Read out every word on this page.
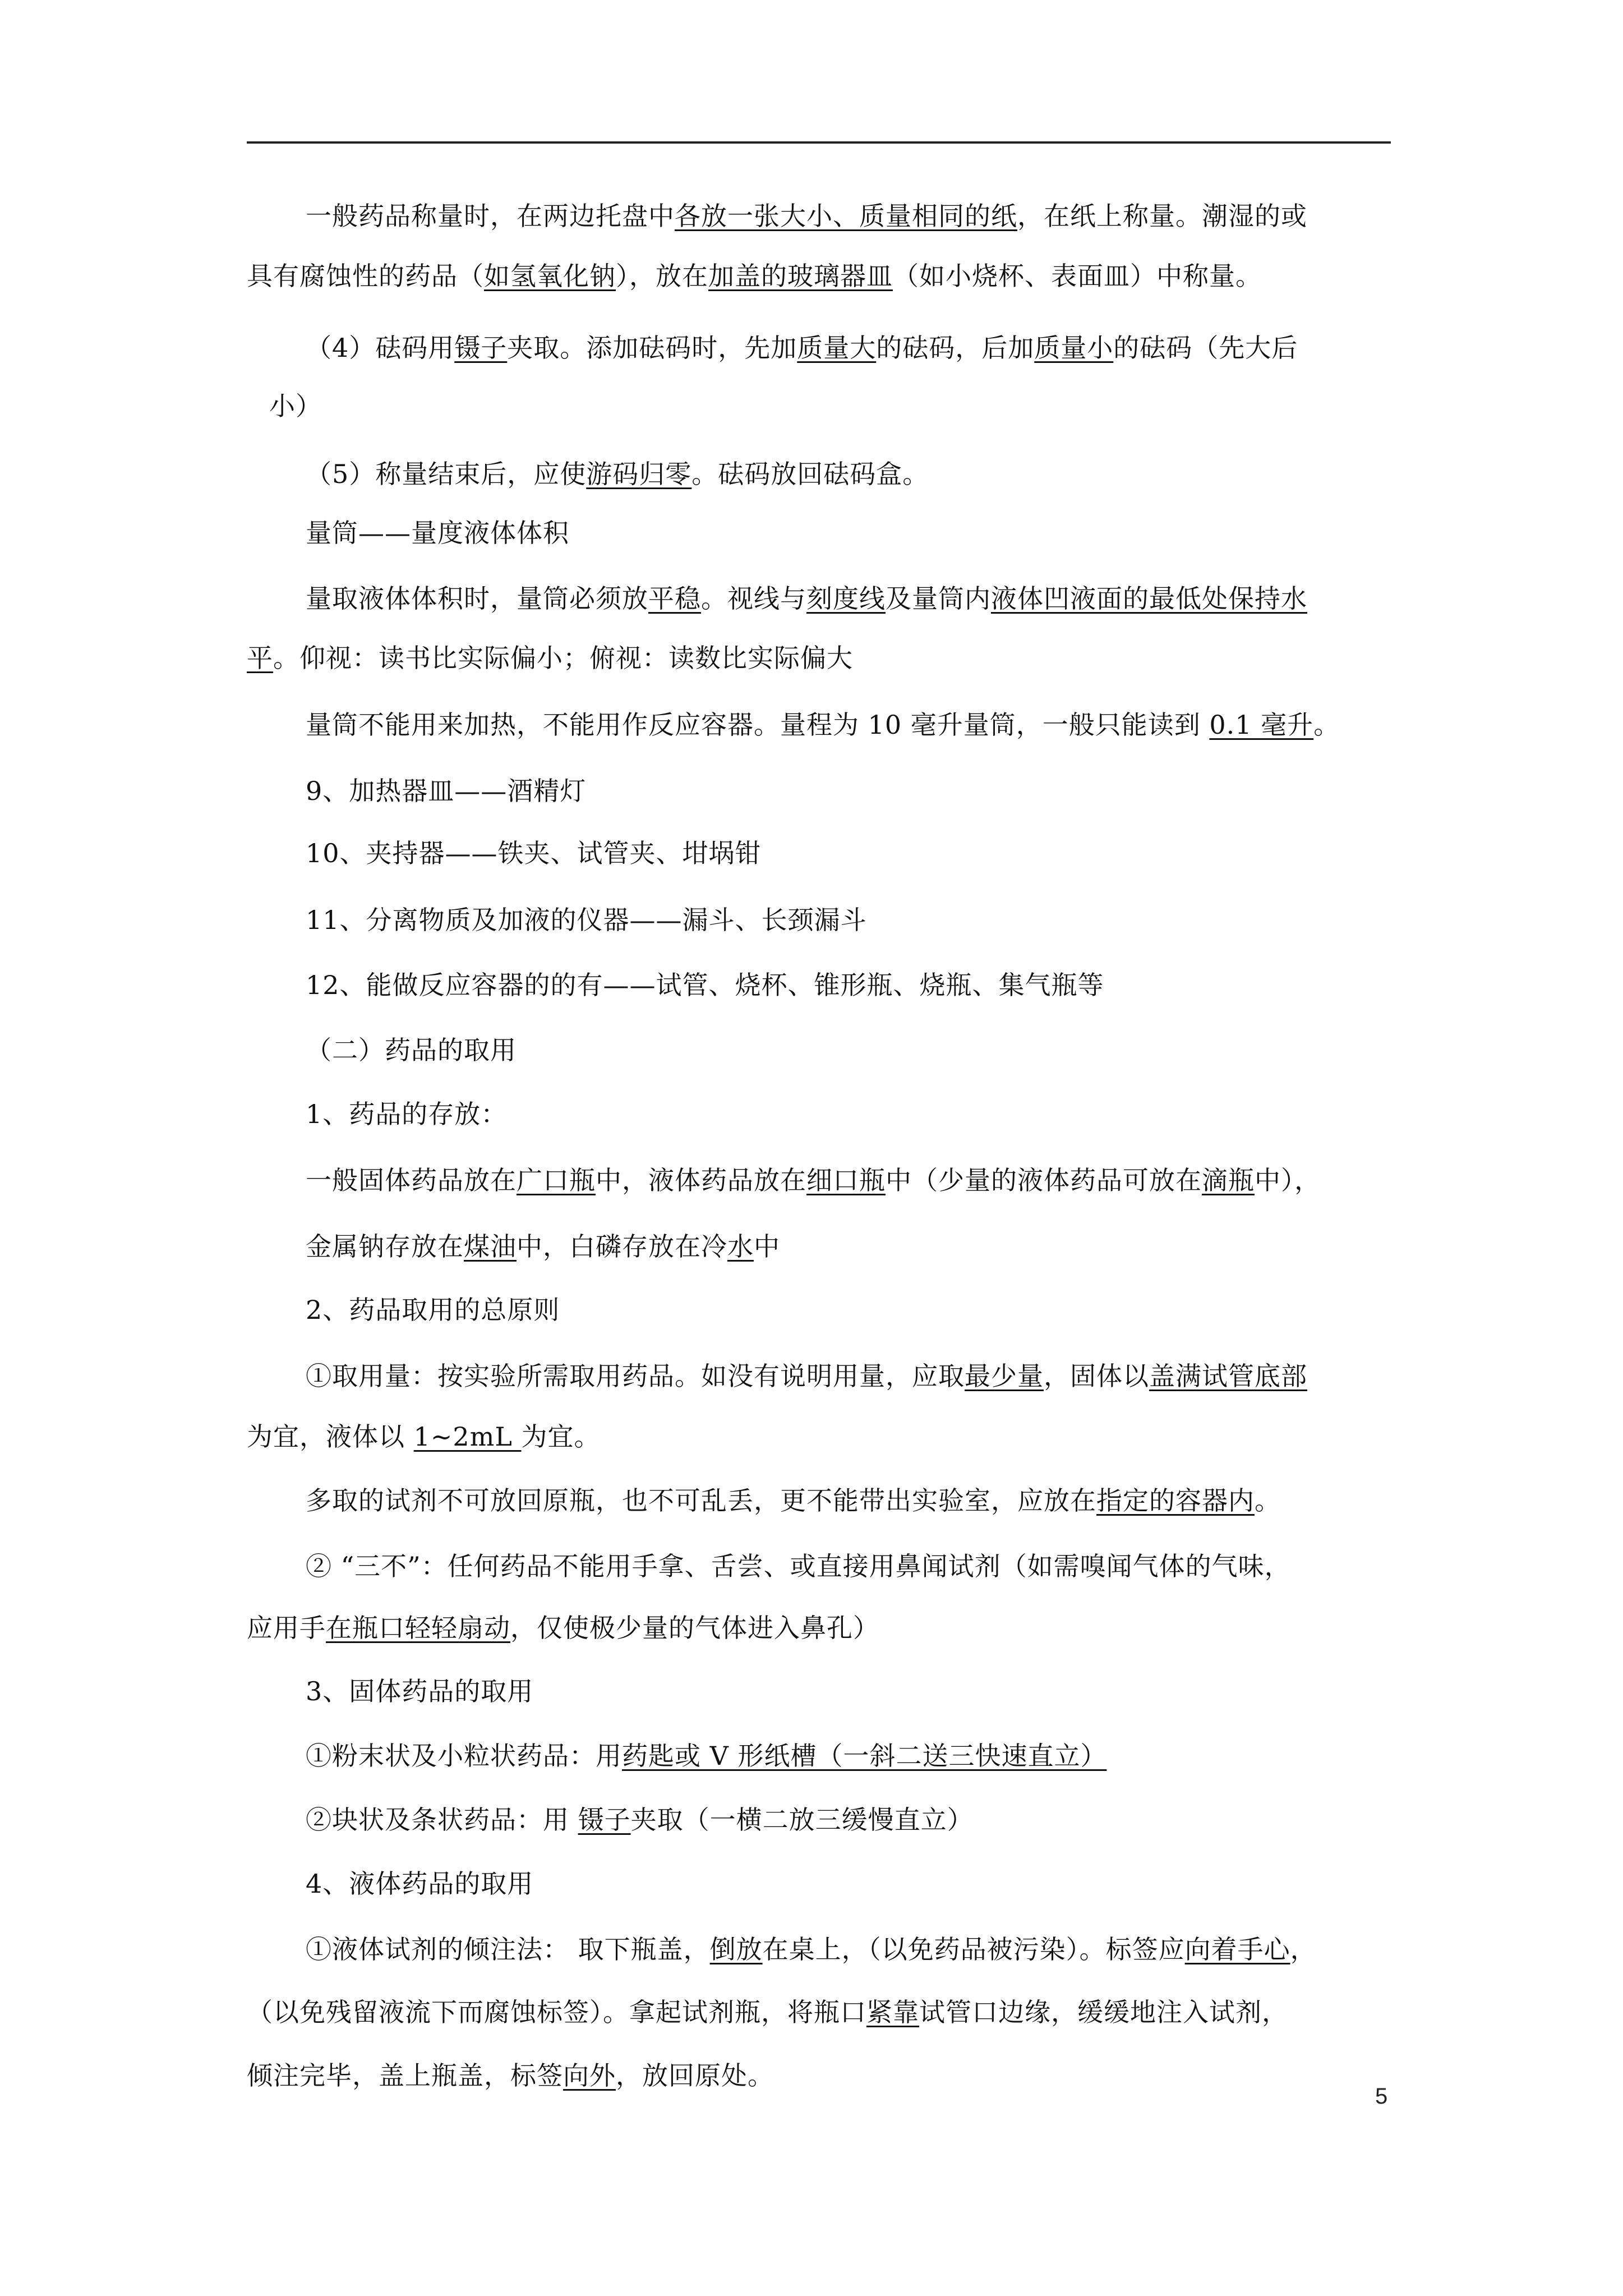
一般药品称量时，在两边托盘中各放一张大小、质量相同的纸，在纸上称量。潮湿的或
具有腐蚀性的药品（如氢氧化钠），放在加盖的玻璃器皿（如小烧杯、表面皿）中称量。
（4）砝码用镊子夹取。添加砝码时，先加质量大的砝码，后加质量小的砝码（先大后
小）
（5）称量结束后，应使游码归零。砝码放回砝码盒。
量筒——量度液体体积
量取液体体积时，量筒必须放平稳。视线与刻度线及量筒内液体凹液面的最低处保持水
平。仰视：读书比实际偏小；俯视：读数比实际偏大
量筒不能用来加热，不能用作反应容器。量程为 10 毫升量筒，一般只能读到 0.1 毫升。
9、加热器皿——酒精灯
10、夹持器——铁夹、试管夹、坩埚钳
11、分离物质及加液的仪器——漏斗、长颈漏斗
12、能做反应容器的的有——试管、烧杯、锥形瓶、烧瓶、集气瓶等
（二）药品的取用
1、药品的存放：
一般固体药品放在广口瓶中，液体药品放在细口瓶中（少量的液体药品可放在滴瓶中），
金属钠存放在煤油中，白磷存放在冷水中
2、药品取用的总原则
①取用量：按实验所需取用药品。如没有说明用量，应取最少量，固体以盖满试管底部
为宜，液体以 1~2mL 为宜。
多取的试剂不可放回原瓶，也不可乱丢，更不能带出实验室，应放在指定的容器内。
② “三不”：任何药品不能用手拿、舌尝、或直接用鼻闻试剂（如需嗅闻气体的气味，
应用手在瓶口轻轻扇动，仅使极少量的气体进入鼻孔）
3、固体药品的取用
①粉末状及小粒状药品：用药匙或 V 形纸槽（一斜二送三快速直立）
②块状及条状药品：用 镊子夹取（一横二放三缓慢直立）
4、液体药品的取用
①液体试剂的倾注法： 取下瓶盖，倒放在桌上，（以免药品被污染）。标签应向着手心，
（以免残留液流下而腐蚀标签）。拿起试剂瓶，将瓶口紧靠试管口边缘，缓缓地注入试剂，
倾注完毕，盖上瓶盖，标签向外，放回原处。
5
